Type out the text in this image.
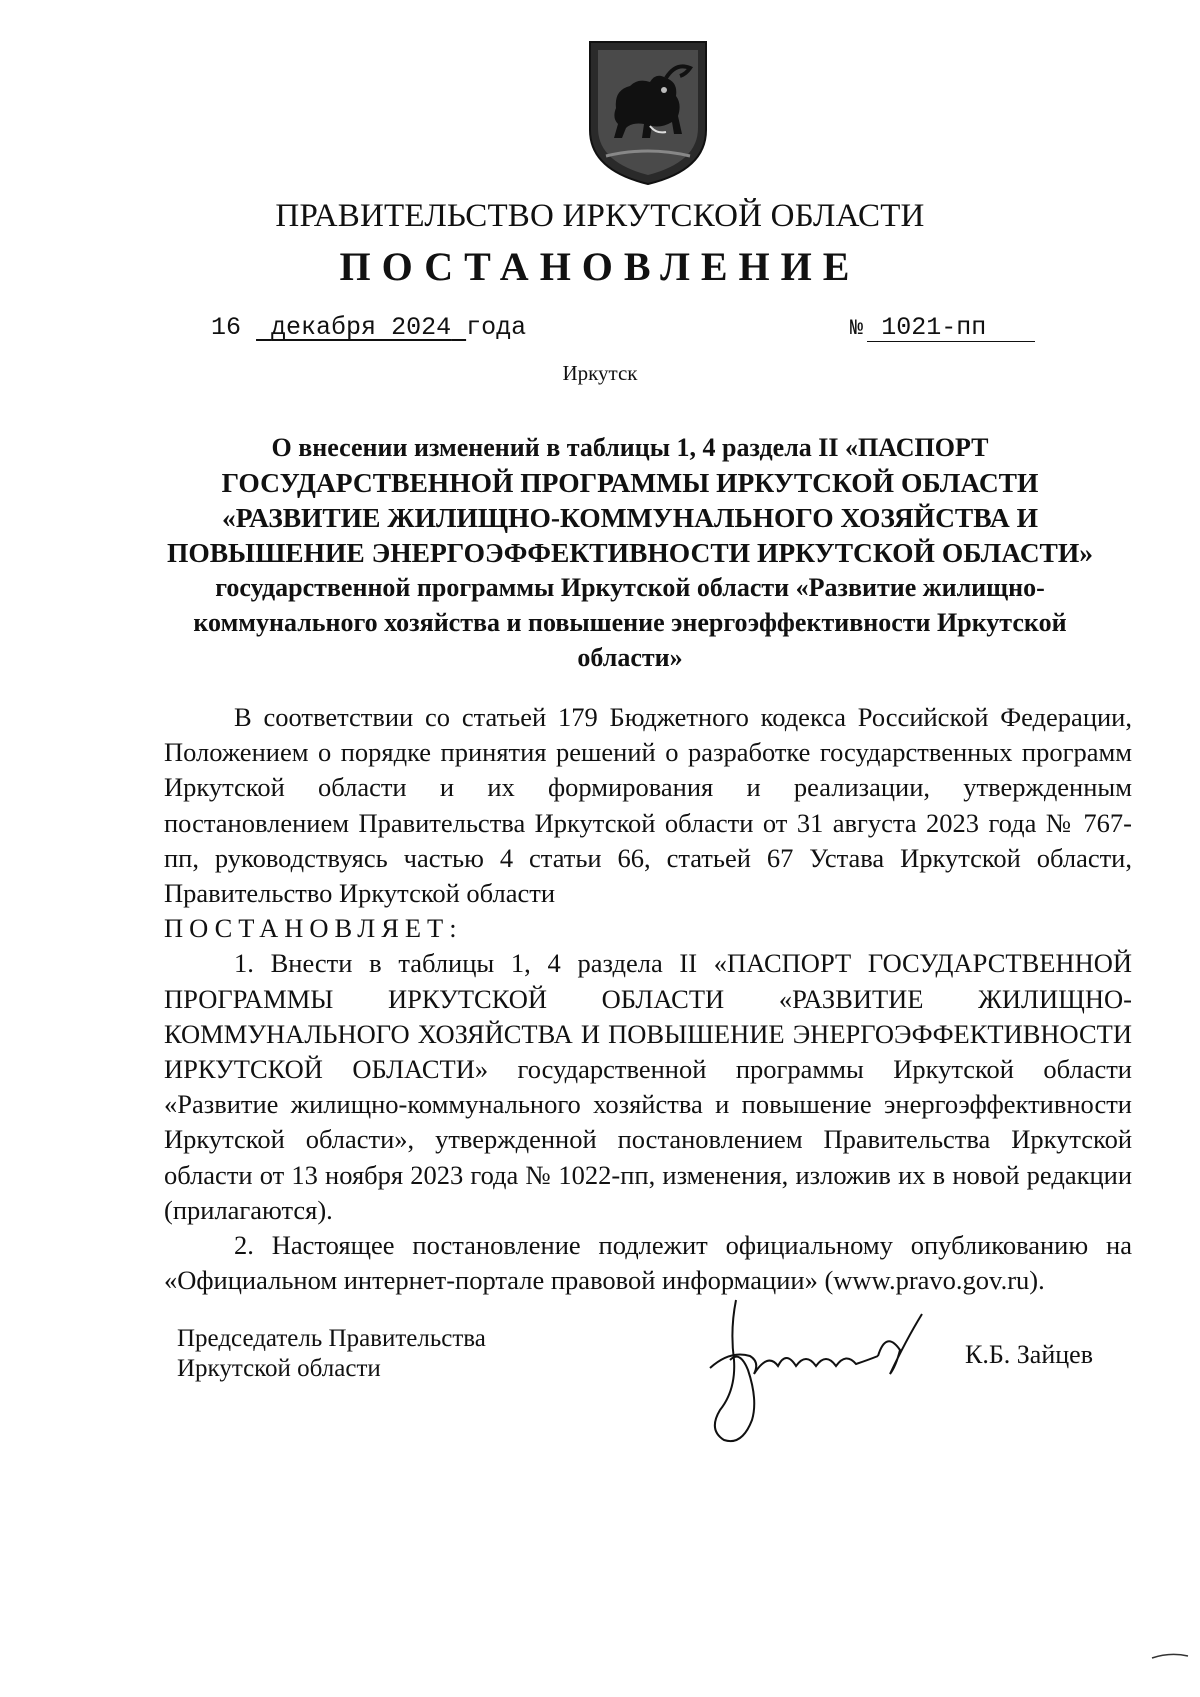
ПРАВИТЕЛЬСТВО ИРКУТСКОЙ ОБЛАСТИ
ПОСТАНОВЛЕНИЕ
16 декабря 2024 года	№ 1021-пп
Иркутск
О внесении изменений в таблицы 1, 4 раздела II «ПАСПОРТ
ГОСУДАРСТВЕННОЙ ПРОГРАММЫ ИРКУТСКОЙ ОБЛАСТИ
«РАЗВИТИЕ ЖИЛИЩНО-КОММУНАЛЬНОГО ХОЗЯЙСТВА И
ПОВЫШЕНИЕ ЭНЕРГОЭФФЕКТИВНОСТИ ИРКУТСКОЙ ОБЛАСТИ»
государственной программы Иркутской области «Развитие жилищно-коммунального хозяйства и повышение энергоэффективности Иркутской области»

В соответствии со статьей 179 Бюджетного кодекса Российской Федерации, Положением о порядке принятия решений о разработке государственных программ Иркутской области и их формирования и реализации, утвержденным постановлением Правительства Иркутской области от 31 августа 2023 года № 767-пп, руководствуясь частью 4 статьи 66, статьей 67 Устава Иркутской области, Правительство Иркутской области

ПОСТАНОВЛЯЕТ:

1. Внести в таблицы 1, 4 раздела II «ПАСПОРТ ГОСУДАРСТВЕННОЙ ПРОГРАММЫ ИРКУТСКОЙ ОБЛАСТИ «РАЗВИТИЕ ЖИЛИЩНО-КОММУНАЛЬНОГО ХОЗЯЙСТВА И ПОВЫШЕНИЕ ЭНЕРГОЭФФЕКТИВНОСТИ ИРКУТСКОЙ ОБЛАСТИ» государственной программы Иркутской области «Развитие жилищно-коммунального хозяйства и повышение энергоэффективности Иркутской области», утвержденной постановлением Правительства Иркутской области от 13 ноября 2023 года № 1022-пп, изменения, изложив их в новой редакции (прилагаются).

2. Настоящее постановление подлежит официальному опубликованию на «Официальном интернет-портале правовой информации» (www.pravo.gov.ru).

Председатель Правительства
Иркутской области	К.Б. Зайцев
